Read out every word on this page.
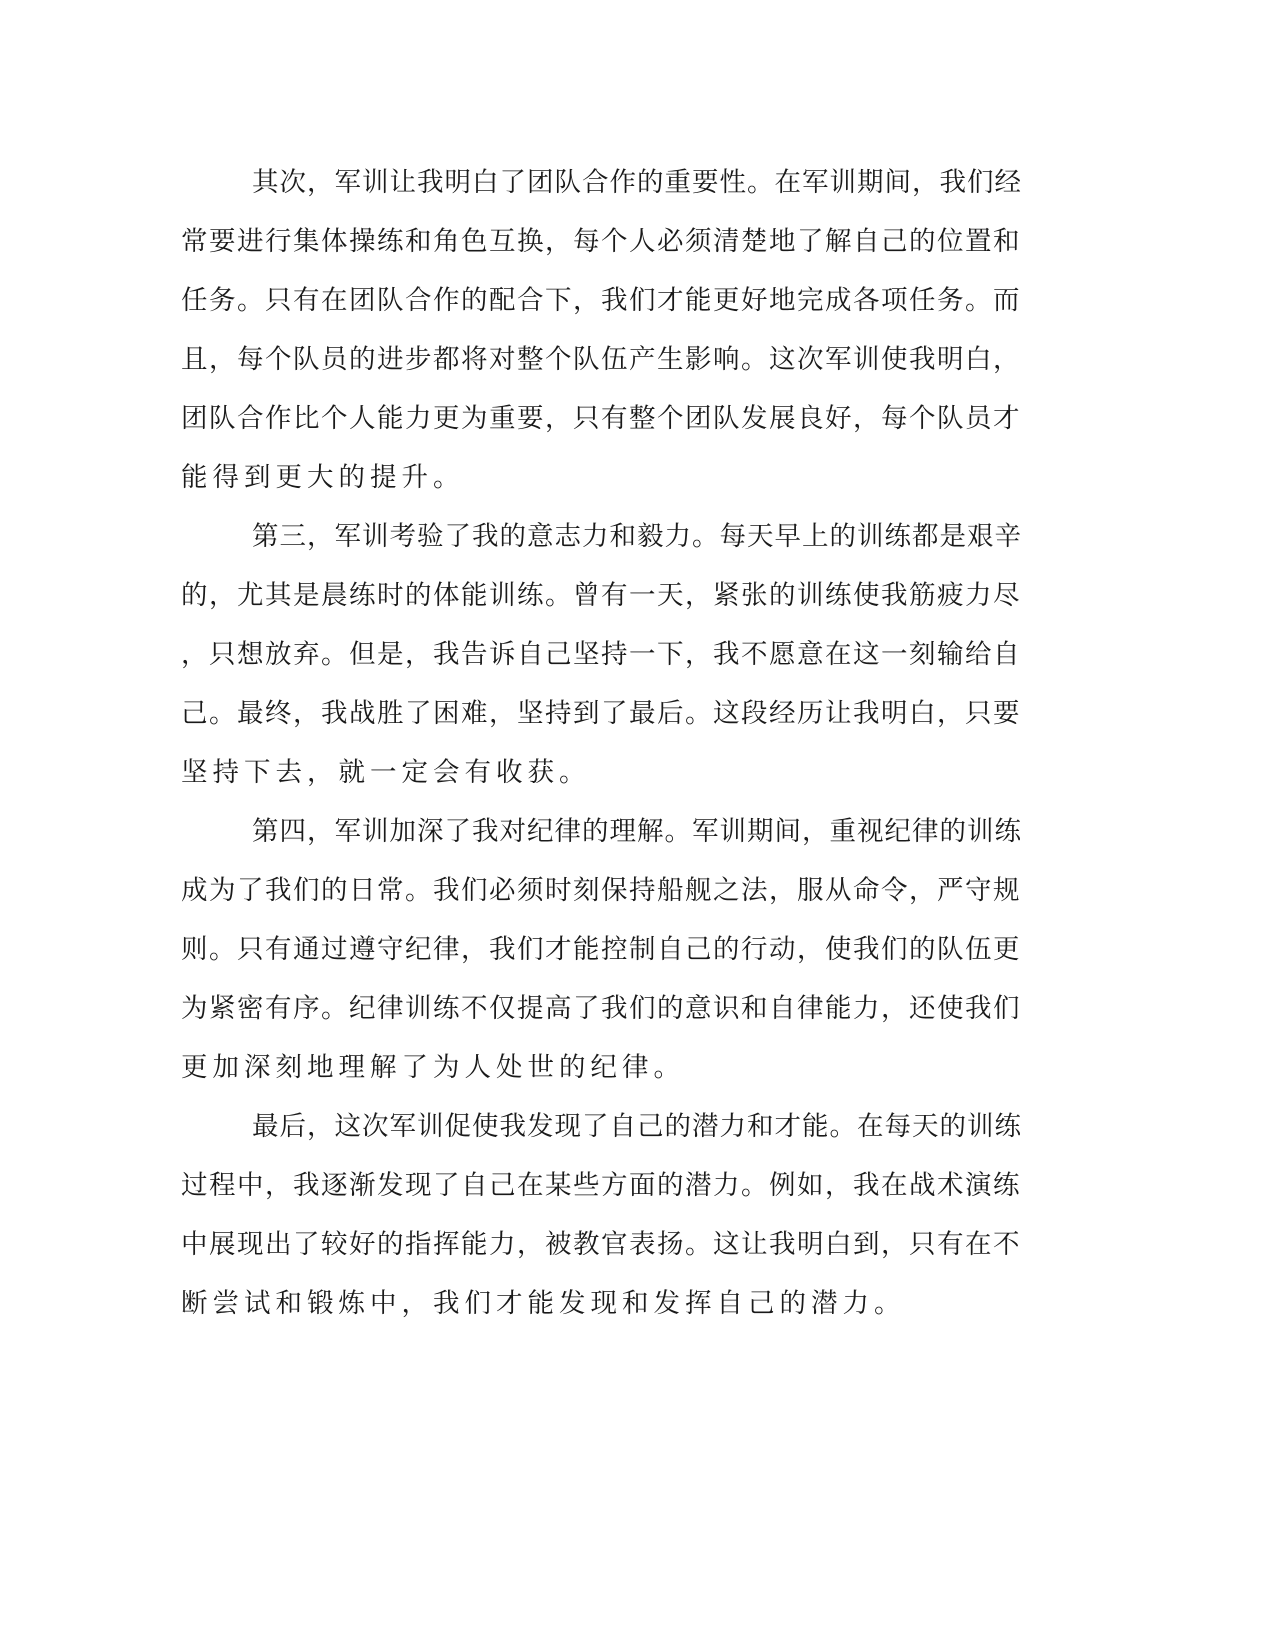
其次，军训让我明白了团队合作的重要性。在军训期间，我们经
常要进行集体操练和角色互换，每个人必须清楚地了解自己的位置和
任务。只有在团队合作的配合下，我们才能更好地完成各项任务。而
且，每个队员的进步都将对整个队伍产生影响。这次军训使我明白，
团队合作比个人能力更为重要，只有整个团队发展良好，每个队员才
能得到更大的提升。
第三，军训考验了我的意志力和毅力。每天早上的训练都是艰辛
的，尤其是晨练时的体能训练。曾有一天，紧张的训练使我筋疲力尽
，只想放弃。但是，我告诉自己坚持一下，我不愿意在这一刻输给自
己。最终，我战胜了困难，坚持到了最后。这段经历让我明白，只要
坚持下去，就一定会有收获。
第四，军训加深了我对纪律的理解。军训期间，重视纪律的训练
成为了我们的日常。我们必须时刻保持船舰之法，服从命令，严守规
则。只有通过遵守纪律，我们才能控制自己的行动，使我们的队伍更
为紧密有序。纪律训练不仅提高了我们的意识和自律能力，还使我们
更加深刻地理解了为人处世的纪律。
最后，这次军训促使我发现了自己的潜力和才能。在每天的训练
过程中，我逐渐发现了自己在某些方面的潜力。例如，我在战术演练
中展现出了较好的指挥能力，被教官表扬。这让我明白到，只有在不
断尝试和锻炼中，我们才能发现和发挥自己的潜力。
